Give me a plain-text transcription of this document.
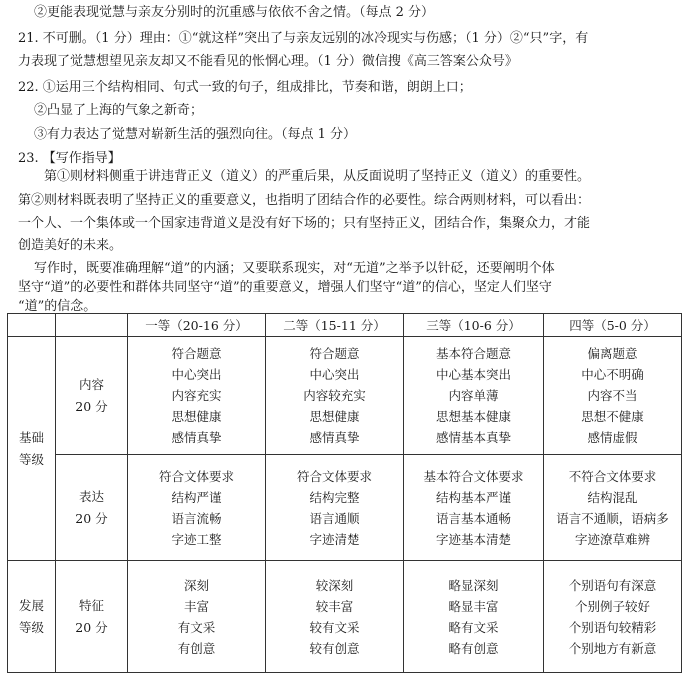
②更能表现觉慧与亲友分别时的沉重感与依依不舍之情。（每点 2 分）
21. 不可删。（1 分）理由：①“就这样”突出了与亲友远别的冰冷现实与伤感；（1 分）②“只”字，有
力表现了觉慧想望见亲友却又不能看见的怅惘心理。（1 分）微信搜《高三答案公众号》
22. ①运用三个结构相同、句式一致的句子，组成排比，节奏和谐，朗朗上口；
②凸显了上海的气象之新奇；
③有力表达了觉慧对崭新生活的强烈向往。（每点 1 分）
23. 【写作指导】
第①则材料侧重于讲违背正义（道义）的严重后果，从反面说明了坚持正义（道义）的重要性。
第②则材料既表明了坚持正义的重要意义，也指明了团结合作的必要性。综合两则材料，可以看出：
一个人、一个集体或一个国家违背道义是没有好下场的；只有坚持正义，团结合作，集聚众力，才能
创造美好的未来。
写作时，既要准确理解“道”的内涵；又要联系现实，对“无道”之举予以针砭，还要阐明个体
坚守“道”的必要性和群体共同坚守“道”的重要意义，增强人们坚守“道”的信心，坚定人们坚守
“道”的信念。
		一等（20-16 分）	二等（15-11 分）	三等（10-6 分）	四等（5-0 分）

基础
等级	内容
20 分	符合题意
中心突出
内容充实
思想健康
感情真挚	符合题意
中心突出
内容较充实
思想健康
感情真挚	基本符合题意
中心基本突出
内容单薄
思想基本健康
感情基本真挚	偏离题意
中心不明确
内容不当
思想不健康
感情虚假

	表达
20 分	符合文体要求
结构严谨
语言流畅
字迹工整	符合文体要求
结构完整
语言通顺
字迹清楚	基本符合文体要求
结构基本严谨
语言基本通畅
字迹基本清楚	不符合文体要求
结构混乱
语言不通顺，语病多
字迹潦草难辨

发展
等级	特征
20 分	深刻
丰富
有文采
有创意	较深刻
较丰富
较有文采
较有创意	略显深刻
略显丰富
略有文采
略有创意	个别语句有深意
个别例子较好
个别语句较精彩
个别地方有新意
